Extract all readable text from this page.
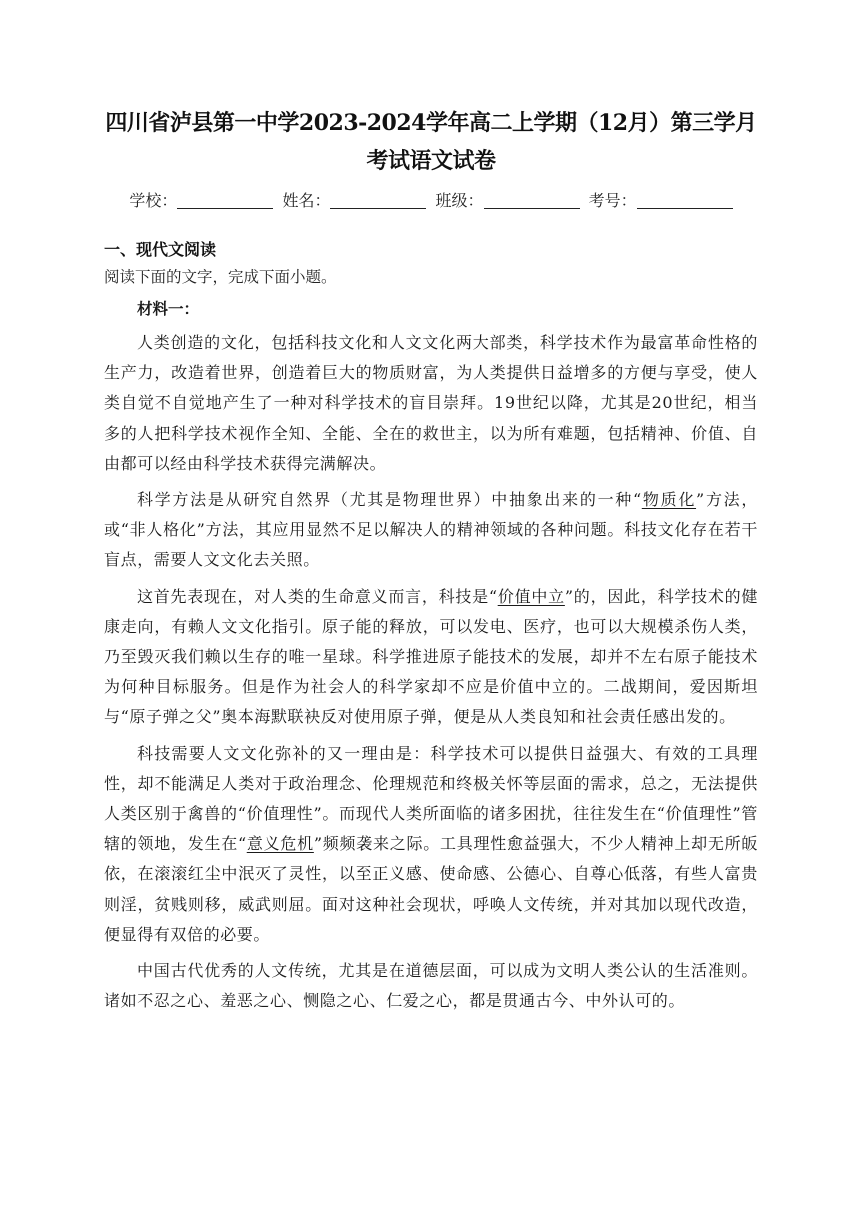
四川省泸县第一中学2023-2024学年高二上学期（12月）第三学月考试语文试卷
学校：	姓名：	班级：	考号：
一、现代文阅读

阅读下面的文字，完成下面小题。

材料一：

人类创造的文化，包括科技文化和人文文化两大部类，科学技术作为最富革命性格的生产力，改造着世界，创造着巨大的物质财富，为人类提供日益增多的方便与享受，使人类自觉不自觉地产生了一种对科学技术的盲目崇拜。19世纪以降，尤其是20世纪，相当多的人把科学技术视作全知、全能、全在的救世主，以为所有难题，包括精神、价值、自由都可以经由科学技术获得完满解决。

科学方法是从研究自然界（尤其是物理世界）中抽象出来的一种“物质化”方法，或“非人格化”方法，其应用显然不足以解决人的精神领域的各种问题。科技文化存在若干盲点，需要人文文化去关照。

这首先表现在，对人类的生命意义而言，科技是“价值中立”的，因此，科学技术的健康走向，有赖人文文化指引。原子能的释放，可以发电、医疗，也可以大规模杀伤人类，乃至毁灭我们赖以生存的唯一星球。科学推进原子能技术的发展，却并不左右原子能技术为何种目标服务。但是作为社会人的科学家却不应是价值中立的。二战期间，爱因斯坦与“原子弹之父”奥本海默联袂反对使用原子弹，便是从人类良知和社会责任感出发的。

科技需要人文文化弥补的又一理由是：科学技术可以提供日益强大、有效的工具理性，却不能满足人类对于政治理念、伦理规范和终极关怀等层面的需求，总之，无法提供人类区别于禽兽的“价值理性”。而现代人类所面临的诸多困扰，往往发生在“价值理性”管辖的领地，发生在“意义危机”频频袭来之际。工具理性愈益强大，不少人精神上却无所皈依，在滚滚红尘中泯灭了灵性，以至正义感、使命感、公德心、自尊心低落，有些人富贵则淫，贫贱则移，威武则屈。面对这种社会现状，呼唤人文传统，并对其加以现代改造，便显得有双倍的必要。

中国古代优秀的人文传统，尤其是在道德层面，可以成为文明人类公认的生活准则。诸如不忍之心、羞恶之心、恻隐之心、仁爱之心，都是贯通古今、中外认可的。
